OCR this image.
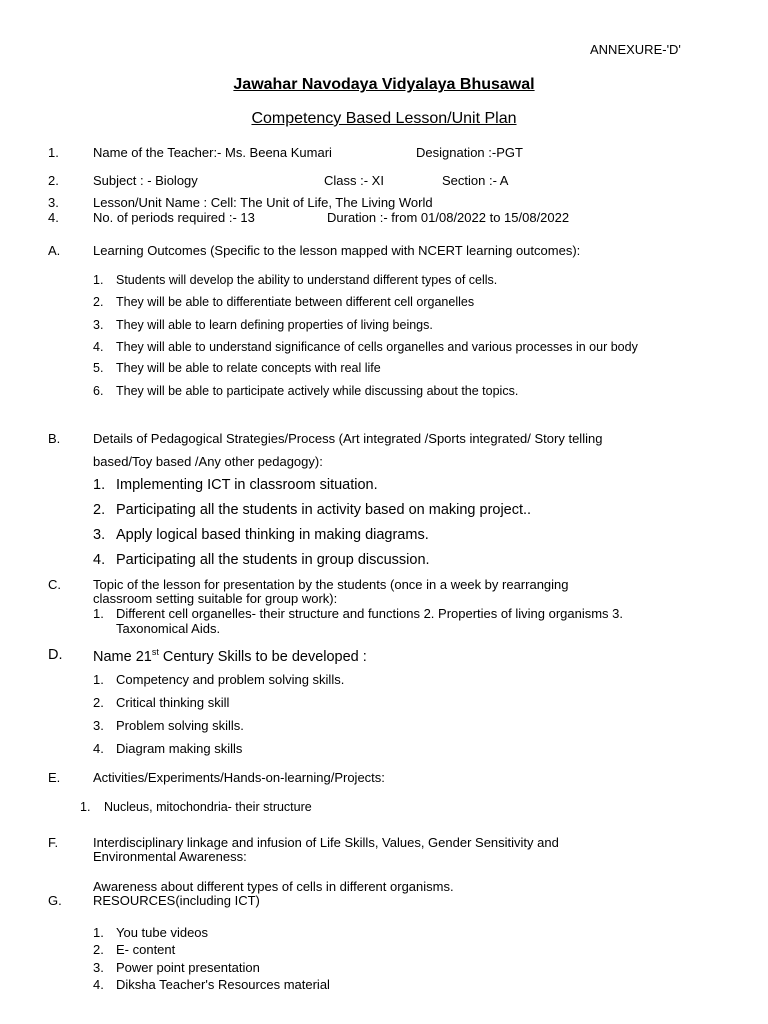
ANNEXURE-'D'
Jawahar Navodaya Vidyalaya Bhusawal
Competency Based Lesson/Unit Plan
1.	Name of the Teacher:- Ms. Beena Kumari	Designation :-PGT
2.	Subject : - Biology	Class :- XI	Section :- A
3.	Lesson/Unit Name : Cell: The Unit of Life, The Living World
4.	No. of periods required :- 13	Duration :- from 01/08/2022 to 15/08/2022
A.	Learning Outcomes (Specific to the lesson mapped with NCERT learning outcomes):
1. Students will develop the ability to understand different types of cells.
2. They will be able to differentiate between different cell organelles
3. They will able to learn defining properties of living beings.
4. They will able to understand significance of cells organelles and various processes in our body
5. They will be able to relate concepts with real life
6. They will be able to participate actively while discussing about the topics.
B.	Details of Pedagogical Strategies/Process (Art integrated /Sports integrated/ Story telling
based/Toy based /Any other pedagogy):
1. Implementing ICT in classroom situation.
2. Participating all the students in activity based on making project..
3. Apply logical based thinking in making diagrams.
4. Participating all the students in group discussion.
C. Topic of the lesson for presentation by the students (once in a week by rearranging
classroom setting suitable for group work):
1. Different cell organelles- their structure and functions 2. Properties of living organisms 3.
Taxonomical Aids.
D. Name 21st Century Skills to be developed :
1. Competency and problem solving skills.
2. Critical thinking skill
3. Problem solving skills.
4. Diagram making skills
E.	Activities/Experiments/Hands-on-learning/Projects:
1. Nucleus, mitochondria- their structure
F.	Interdisciplinary linkage and infusion of Life Skills, Values, Gender Sensitivity and
Environmental Awareness:
Awareness about different types of cells in different organisms.
G. RESOURCES(including ICT)
1. You tube videos
2. E- content
3. Power point presentation
4. Diksha Teacher's Resources material
